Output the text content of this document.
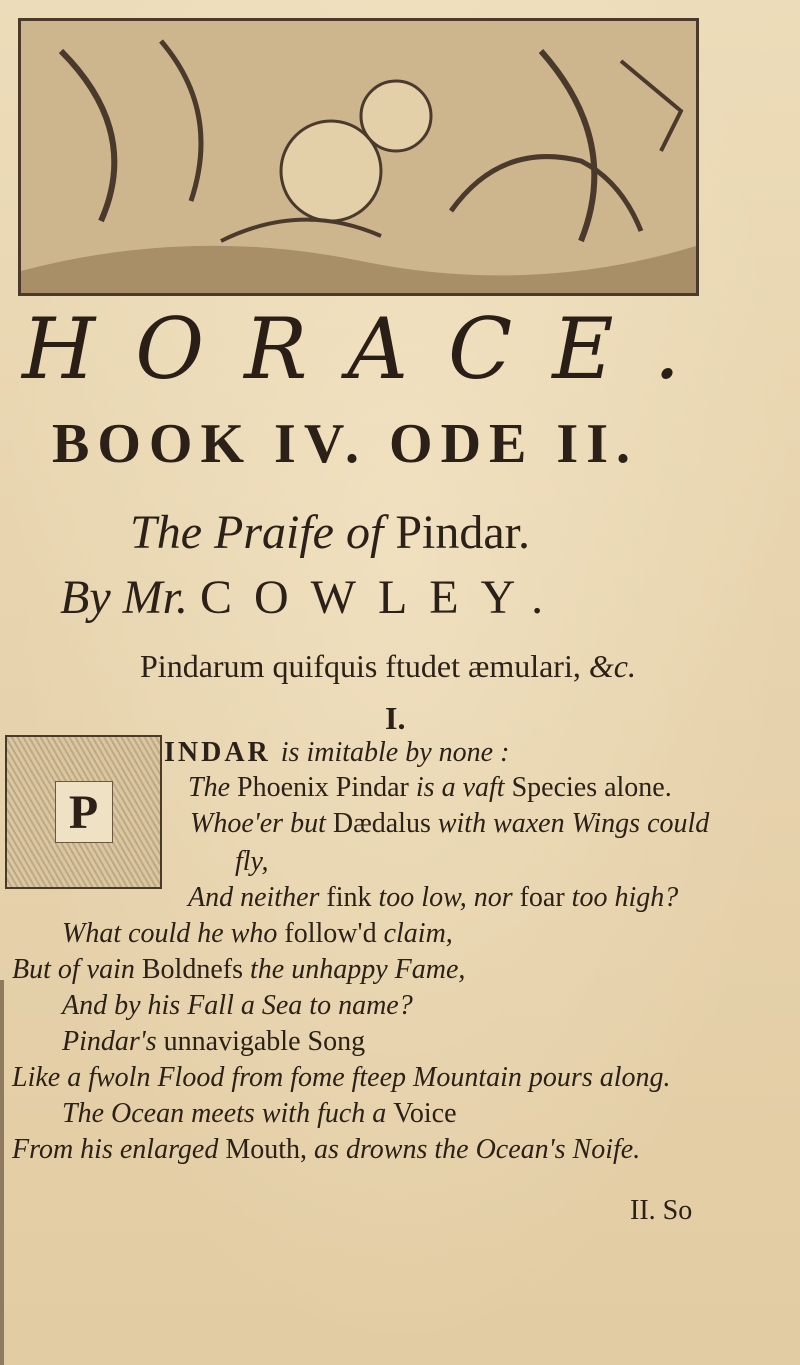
HORACE.
BOOK IV. ODE II.
The Praife of Pindar.
By Mr. COWLEY.
Pindarum quifquis ftudet æmulari, &c.
I.
P
INDAR is imitable by none :
The Phoenix Pindar is a vaft Species alone.
Whoe'er but Dædalus with waxen Wings could
fly,
And neither fink too low, nor foar too high?
What could he who follow'd claim,
But of vain Boldnefs the unhappy Fame,
And by his Fall a Sea to name?
Pindar's unnavigable Song
Like a fwoln Flood from fome fteep Mountain pours along.
The Ocean meets with fuch a Voice
From his enlarged Mouth, as drowns the Ocean's Noife.
II. So
